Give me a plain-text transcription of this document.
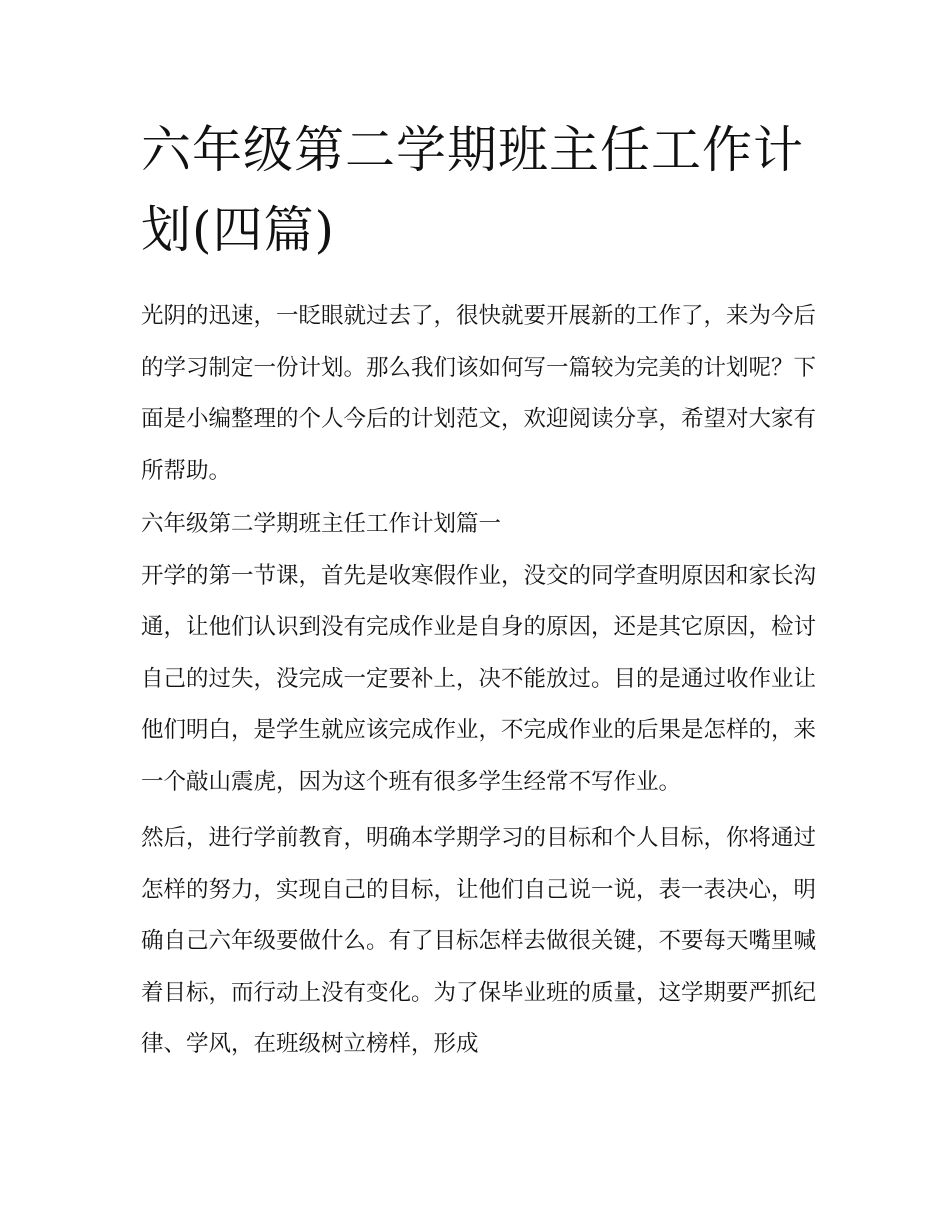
六年级第二学期班主任工作计划(四篇)

光阴的迅速，一眨眼就过去了，很快就要开展新的工作了，来为今后的学习制定一份计划。那么我们该如何写一篇较为完美的计划呢？下面是小编整理的个人今后的计划范文，欢迎阅读分享，希望对大家有所帮助。

六年级第二学期班主任工作计划篇一

开学的第一节课，首先是收寒假作业，没交的同学查明原因和家长沟通，让他们认识到没有完成作业是自身的原因，还是其它原因，检讨自己的过失，没完成一定要补上，决不能放过。目的是通过收作业让他们明白，是学生就应该完成作业，不完成作业的后果是怎样的，来一个敲山震虎，因为这个班有很多学生经常不写作业。

然后，进行学前教育，明确本学期学习的目标和个人目标，你将通过怎样的努力，实现自己的目标，让他们自己说一说，表一表决心，明确自己六年级要做什么。有了目标怎样去做很关键，不要每天嘴里喊着目标，而行动上没有变化。为了保毕业班的质量，这学期要严抓纪律、学风，在班级树立榜样，形成
